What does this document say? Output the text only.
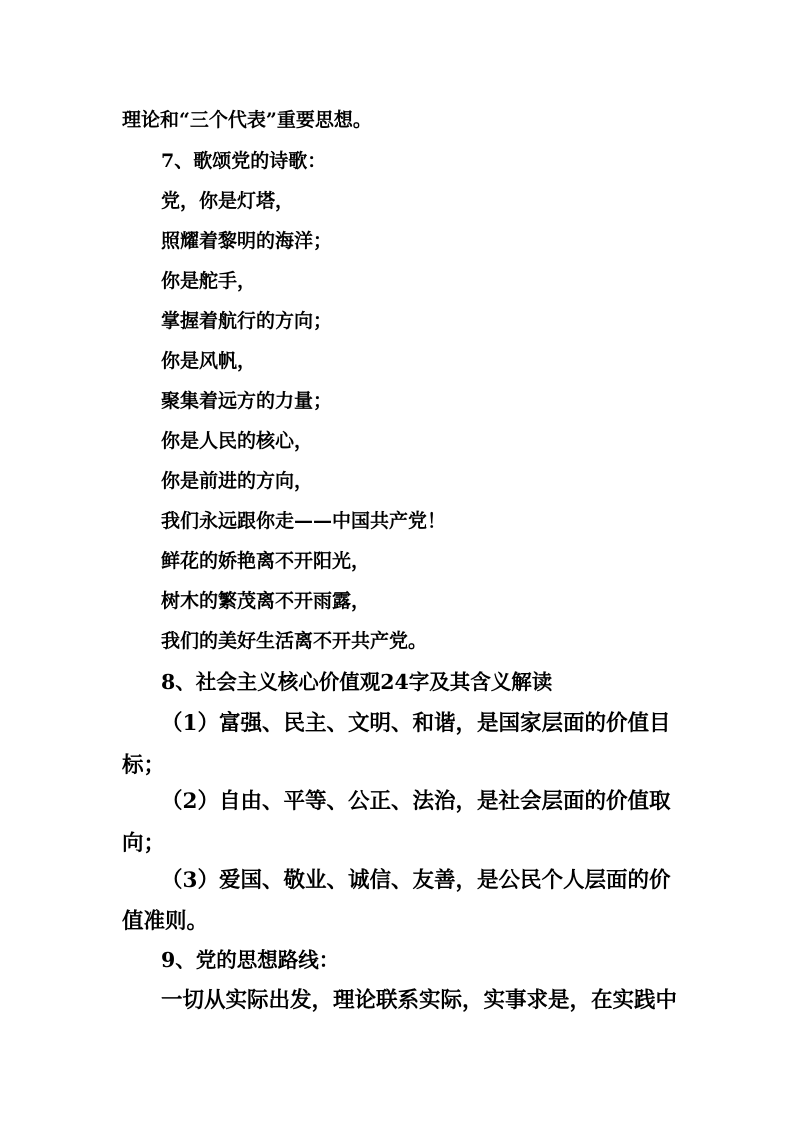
理论和“三个代表”重要思想。
7、歌颂党的诗歌：
党，你是灯塔，
照耀着黎明的海洋；
你是舵手，
掌握着航行的方向；
你是风帆，
聚集着远方的力量；
你是人民的核心，
你是前进的方向，
我们永远跟你走——中国共产党！
鲜花的娇艳离不开阳光，
树木的繁茂离不开雨露，
我们的美好生活离不开共产党。
8、社会主义核心价值观24字及其含义解读
（1）富强、民主、文明、和谐，是国家层面的价值目
标；
（2）自由、平等、公正、法治，是社会层面的价值取
向；
（3）爱国、敬业、诚信、友善，是公民个人层面的价
值准则。
9、党的思想路线：
一切从实际出发，理论联系实际，实事求是，在实践中
